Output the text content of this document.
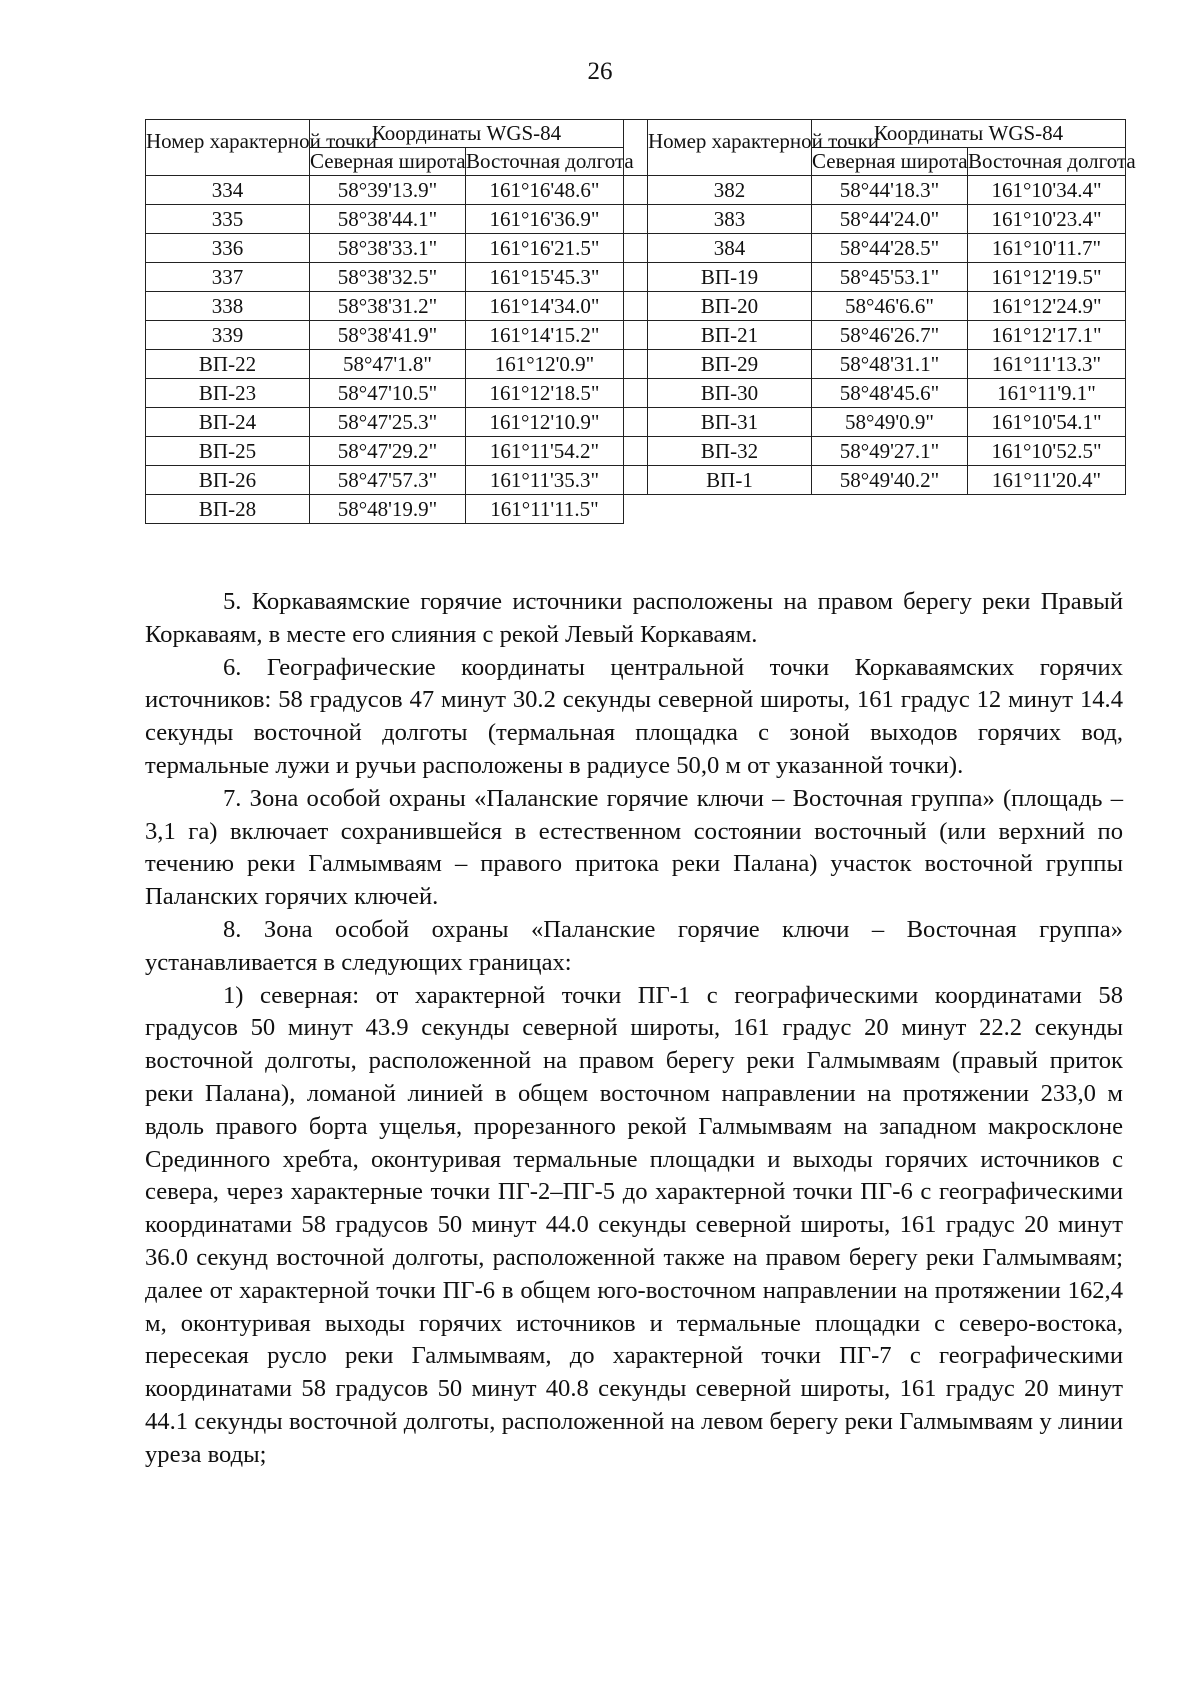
26
Номер характерной точки	Координаты WGS-84			Номер характерной точки	Координаты WGS-84	
	Северная широта	Восточная долгота			Северная широта	Восточная долгота
334	58°39'13.9"	161°16'48.6"		382	58°44'18.3"	161°10'34.4"
335	58°38'44.1"	161°16'36.9"		383	58°44'24.0"	161°10'23.4"
336	58°38'33.1"	161°16'21.5"		384	58°44'28.5"	161°10'11.7"
337	58°38'32.5"	161°15'45.3"		ВП-19	58°45'53.1"	161°12'19.5"
338	58°38'31.2"	161°14'34.0"		ВП-20	58°46'6.6"	161°12'24.9"
339	58°38'41.9"	161°14'15.2"		ВП-21	58°46'26.7"	161°12'17.1"
ВП-22	58°47'1.8"	161°12'0.9"		ВП-29	58°48'31.1"	161°11'13.3"
ВП-23	58°47'10.5"	161°12'18.5"		ВП-30	58°48'45.6"	161°11'9.1"
ВП-24	58°47'25.3"	161°12'10.9"		ВП-31	58°49'0.9"	161°10'54.1"
ВП-25	58°47'29.2"	161°11'54.2"		ВП-32	58°49'27.1"	161°10'52.5"
ВП-26	58°47'57.3"	161°11'35.3"		ВП-1	58°49'40.2"	161°11'20.4"
ВП-28	58°48'19.9"	161°11'11.5"				

5. Коркаваямские горячие источники расположены на правом берегу реки Правый Коркаваям, в месте его слияния с рекой Левый Коркаваям.

6. Географические координаты центральной точки Коркаваямских горячих источников: 58 градусов 47 минут 30.2 секунды северной широты, 161 градус 12 минут 14.4 секунды восточной долготы (термальная площадка с зоной выходов горячих вод, термальные лужи и ручьи расположены в радиусе 50,0 м от указанной точки).

7. Зона особой охраны «Паланские горячие ключи – Восточная группа» (площадь – 3,1 га) включает сохранившейся в естественном состоянии восточный (или верхний по течению реки Галмымваям – правого притока реки Палана) участок восточной группы Паланских горячих ключей.

8. Зона особой охраны «Паланские горячие ключи – Восточная группа» устанавливается в следующих границах:

1) северная: от характерной точки ПГ-1 с географическими координатами 58 градусов 50 минут 43.9 секунды северной широты, 161 градус 20 минут 22.2 секунды восточной долготы, расположенной на правом берегу реки Галмымваям (правый приток реки Палана), ломаной линией в общем восточном направлении на протяжении 233,0 м вдоль правого борта ущелья, прорезанного рекой Галмымваям на западном макросклоне Срединного хребта, оконтуривая термальные площадки и выходы горячих источников с севера, через характерные точки ПГ-2–ПГ-5 до характерной точки ПГ-6 с географическими координатами 58 градусов 50 минут 44.0 секунды северной широты, 161 градус 20 минут 36.0 секунд восточной долготы, расположенной также на правом берегу реки Галмымваям; далее от характерной точки ПГ-6 в общем юго-восточном направлении на протяжении 162,4 м, оконтуривая выходы горячих источников и термальные площадки с северо-востока, пересекая русло реки Галмымваям, до характерной точки ПГ-7 с географическими координатами 58 градусов 50 минут 40.8 секунды северной широты, 161 градус 20 минут 44.1 секунды восточной долготы, расположенной на левом берегу реки Галмымваям у линии уреза воды;
